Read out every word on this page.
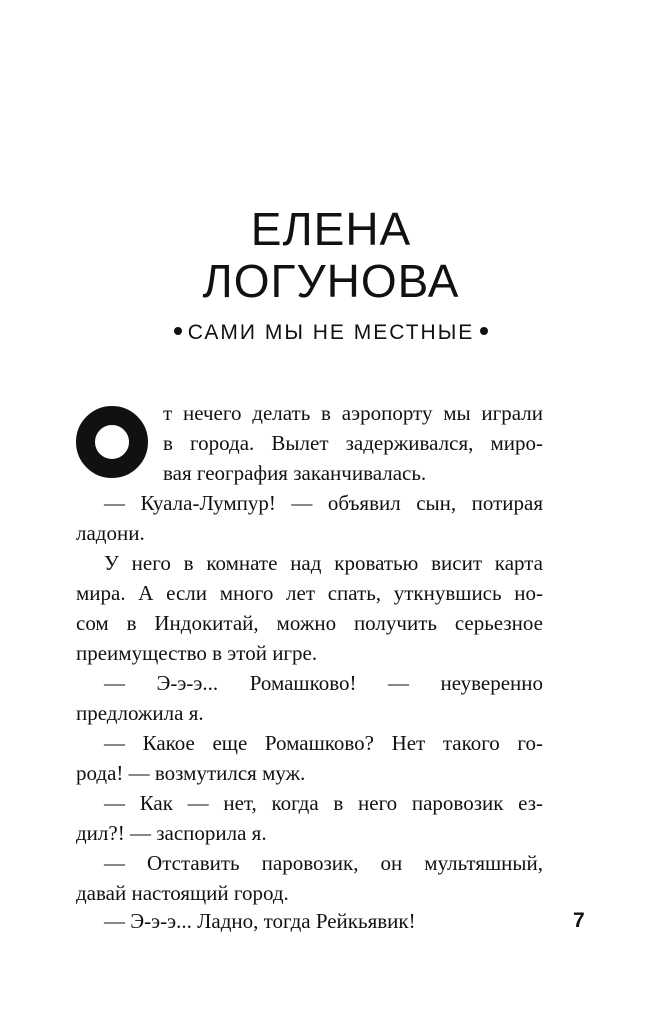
ЕЛЕНА
ЛОГУНОВА
САМИ МЫ НЕ МЕСТНЫЕ
т нечего делать в аэропорту мы играли
в города. Вылет задерживался, миро-
вая география заканчивалась.
— Куала-Лумпур! — объявил сын, потирая
ладони.
У него в комнате над кроватью висит карта
мира. А если много лет спать, уткнувшись но-
сом в Индокитай, можно получить серьезное
преимущество в этой игре.
— Э-э-э... Ромашково! — неуверенно
предложила я.
— Какое еще Ромашково? Нет такого го-
рода! — возмутился муж.
— Как — нет, когда в него паровозик ез-
дил?! — заспорила я.
— Отставить паровозик, он мультяшный,
давай настоящий город.
— Э-э-э... Ладно, тогда Рейкьявик!	7
